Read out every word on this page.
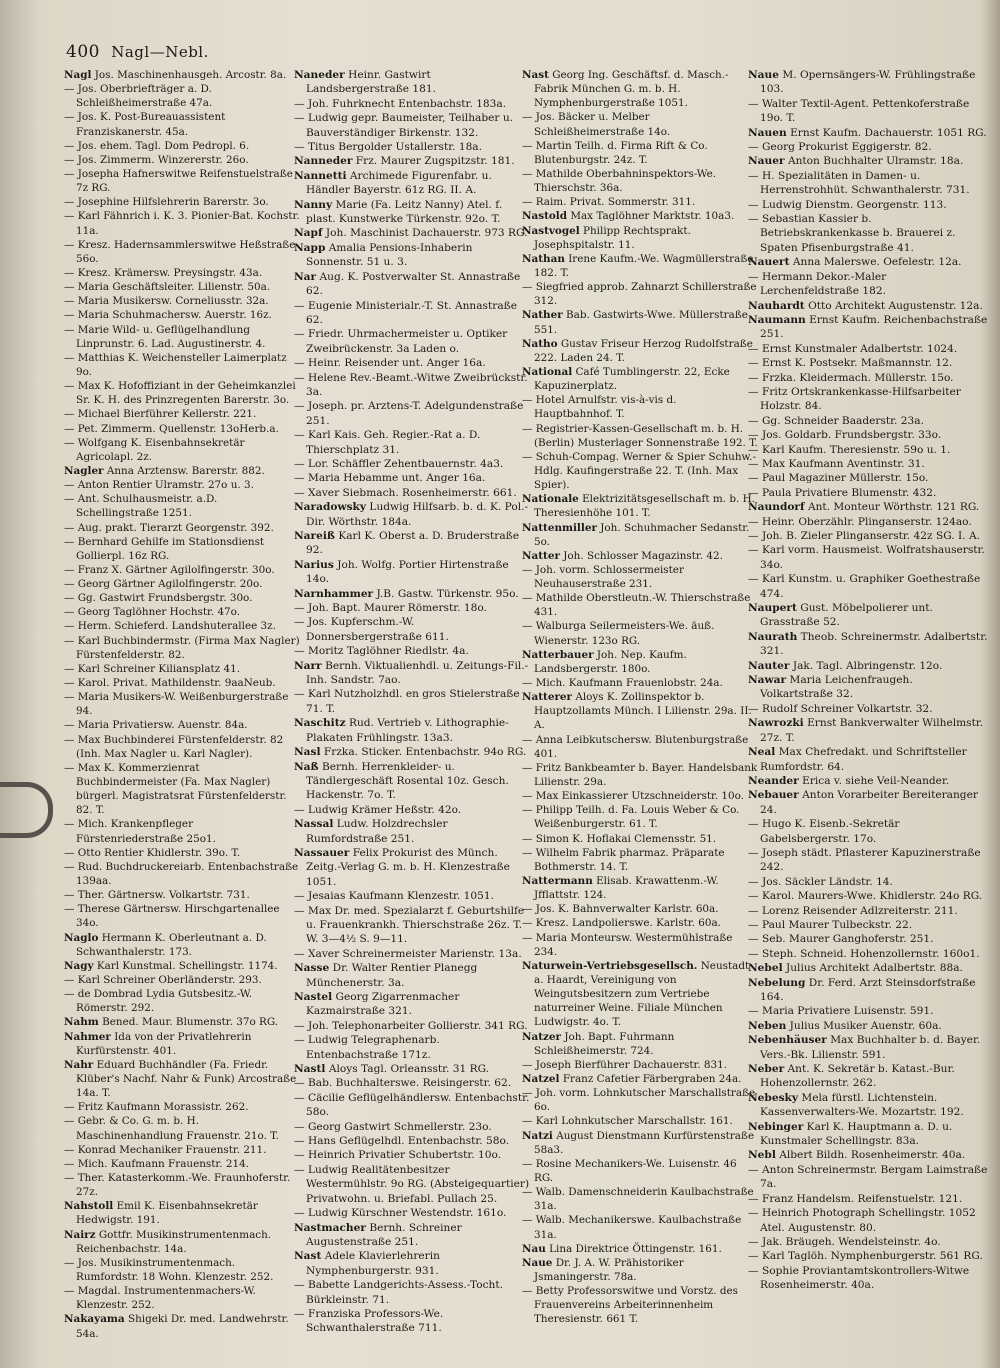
400 Nagl—Nebl.

Nagl Jos. Maschinenhausgeh. Arcostr. 8a.

— Jos. Oberbriefträger a. D. Schleißheimerstraße 47a.

— Jos. K. Post-Bureauassistent Franziskanerstr. 45a.

— Jos. ehem. Tagl. Dom Pedropl. 6.

— Jos. Zimmerm. Winzererstr. 26o.

— Josepha Hafnerswitwe Reifenstuelstraße 7z RG.

— Josephine Hilfslehrerin Barerstr. 3o.

— Karl Fähnrich i. K. 3. Pionier-Bat. Kochstr. 11a.

— Kresz. Hadernsammlerswitwe Heßstraße 56o.

— Kresz. Krämersw. Preysingstr. 43a.

— Maria Geschäftsleiter. Lilienstr. 50a.

— Maria Musikersw. Corneliusstr. 32a.

— Maria Schuhmachersw. Auerstr. 16z.

— Marie Wild- u. Geflügelhandlung Linprunstr. 6. Lad. Augustinerstr. 4.

— Matthias K. Weichensteller Laimerplatz 9o.

— Max K. Hofoffiziant in der Geheimkanzlei Sr. K. H. des Prinzregenten Barerstr. 3o.

— Michael Bierführer Kellerstr. 221.

— Pet. Zimmerm. Quellenstr. 13oHerb.a.

— Wolfgang K. Eisenbahnsekretär Agricolapl. 2z.

Nagler Anna Arztensw. Barerstr. 882.

— Anton Rentier Ulramstr. 27o u. 3.

— Ant. Schulhausmeistr. a.D. Schellingstraße 1251.

— Aug. prakt. Tierarzt Georgenstr. 392.

— Bernhard Gehilfe im Stationsdienst Gollierpl. 16z RG.

— Franz X. Gärtner Agilolfingerstr. 30o.

— Georg Gärtner Agilolfingerstr. 20o.

— Gg. Gastwirt Frundsbergstr. 30o.

— Georg Taglöhner Hochstr. 47o.

— Herm. Schieferd. Landshuterallee 3z.

— Karl Buchbindermstr. (Firma Max Nagler) Fürstenfelderstr. 82.

— Karl Schreiner Kiliansplatz 41.

— Karol. Privat. Mathildenstr. 9aaNeub.

— Maria Musikers-W. Weißenburgerstraße 94.

— Maria Privatiersw. Auenstr. 84a.

— Max Buchbinderei Fürstenfelderstr. 82 (Inh. Max Nagler u. Karl Nagler).

— Max K. Kommerzienrat Buchbindermeister (Fa. Max Nagler) bürgerl. Magistratsrat Fürstenfelderstr. 82. T.

— Mich. Krankenpfleger Fürstenriederstraße 25o1.

— Otto Rentier Khidlerstr. 39o. T.

— Rud. Buchdruckereiarb. Entenbachstraße 139aa.

— Ther. Gärtnersw. Volkartstr. 731.

— Therese Gärtnersw. Hirschgartenallee 34o.

Naglo Hermann K. Oberleutnant a. D. Schwanthalerstr. 173.

Nagy Karl Kunstmal. Schellingstr. 1174.

— Karl Schreiner Oberländerstr. 293.

— de Dombrad Lydia Gutsbesitz.-W. Römerstr. 292.

Nahm Bened. Maur. Blumenstr. 37o RG.

Nahmer Ida von der Privatlehrerin Kurfürstenstr. 401.

Nahr Eduard Buchhändler (Fa. Friedr. Klüber's Nachf. Nahr & Funk) Arcostraße 14a. T.

— Fritz Kaufmann Morassistr. 262.

— Gebr. & Co. G. m. b. H. Maschinenhandlung Frauenstr. 21o. T.

— Konrad Mechaniker Frauenstr. 211.

— Mich. Kaufmann Frauenstr. 214.

— Ther. Katasterkomm.-We. Fraunhoferstr. 27z.

Nahstoll Emil K. Eisenbahnsekretär Hedwigstr. 191.

Nairz Gottfr. Musikinstrumentenmach. Reichenbachstr. 14a.

— Jos. Musikinstrumentenmach. Rumfordstr. 18 Wohn. Klenzestr. 252.

— Magdal. Instrumentenmachers-W. Klenzestr. 252.

Nakayama Shigeki Dr. med. Landwehrstr. 54a.

Naneder Heinr. Gastwirt Landsbergerstraße 181.

— Joh. Fuhrknecht Entenbachstr. 183a.

— Ludwig gepr. Baumeister, Teilhaber u. Bauverständiger Birkenstr. 132.

— Titus Bergolder Ustallerstr. 18a.

Nanneder Frz. Maurer Zugspitzstr. 181.

Nannetti Archimede Figurenfabr. u. Händler Bayerstr. 61z RG. II. A.

Nanny Marie (Fa. Leitz Nanny) Atel. f. plast. Kunstwerke Türkenstr. 92o. T.

Napf Joh. Maschinist Dachauerstr. 973 RG.

Napp Amalia Pensions-Inhaberin Sonnenstr. 51 u. 3.

Nar Aug. K. Postverwalter St. Annastraße 62.

— Eugenie Ministerialr.-T. St. Annastraße 62.

— Friedr. Uhrmachermeister u. Optiker Zweibrückenstr. 3a Laden o.

— Heinr. Reisender unt. Anger 16a.

— Helene Rev.-Beamt.-Witwe Zweibrückstr. 3a.

— Joseph. pr. Arztens-T. Adelgundenstraße 251.

— Karl Kais. Geh. Regier.-Rat a. D. Thierschplatz 31.

— Lor. Schäffler Zehentbauernstr. 4a3.

— Maria Hebamme unt. Anger 16a.

— Xaver Siebmach. Rosenheimerstr. 661.

Naradowsky Ludwig Hilfsarb. b. d. K. Pol.-Dir. Wörthstr. 184a.

Nareiß Karl K. Oberst a. D. Bruderstraße 92.

Narius Joh. Wolfg. Portier Hirtenstraße 14o.

Narnhammer J.B. Gastw. Türkenstr. 95o.

— Joh. Bapt. Maurer Römerstr. 18o.

— Jos. Kupferschm.-W. Donnersbergerstraße 611.

— Moritz Taglöhner Riedlstr. 4a.

Narr Bernh. Viktualienhdl. u. Zeitungs-Fil.-Inh. Sandstr. 7ao.

— Karl Nutzholzhdl. en gros Stielerstraße 71. T.

Naschitz Rud. Vertrieb v. Lithographie-Plakaten Frühlingstr. 13a3.

Nasl Frzka. Sticker. Entenbachstr. 94o RG.

Naß Bernh. Herrenkleider- u. Tändlergeschäft Rosental 10z. Gesch. Hackenstr. 7o. T.

— Ludwig Krämer Heßstr. 42o.

Nassal Ludw. Holzdrechsler Rumfordstraße 251.

Nassauer Felix Prokurist des Münch. Zeitg.-Verlag G. m. b. H. Klenzestraße 1051.

— Jesaias Kaufmann Klenzestr. 1051.

— Max Dr. med. Spezialarzt f. Geburtshilfe u. Frauenkrankh. Thierschstraße 26z. T. W. 3—4½ S. 9—11.

— Xaver Schreinermeister Marienstr. 13a.

Nasse Dr. Walter Rentier Planegg Münchenerstr. 3a.

Nastel Georg Zigarrenmacher Kazmairstraße 321.

— Joh. Telephonarbeiter Gollierstr. 341 RG.

— Ludwig Telegraphenarb. Entenbachstraße 171z.

Nastl Aloys Tagl. Orleansstr. 31 RG.

— Bab. Buchhalterswe. Reisingerstr. 62.

— Cäcilie Geflügelhändlersw. Entenbachstr. 58o.

— Georg Gastwirt Schmellerstr. 23o.

— Hans Geflügelhdl. Entenbachstr. 58o.

— Heinrich Privatier Schubertstr. 10o.

— Ludwig Realitätenbesitzer Westermühlstr. 9o RG. (Absteigequartier) Privatwohn. u. Briefabl. Pullach 25.

— Ludwig Kürschner Westendstr. 161o.

Nastmacher Bernh. Schreiner Augustenstraße 251.

Nast Adele Klavierlehrerin Nymphenburgerstr. 931.

— Babette Landgerichts-Assess.-Tocht. Bürkleinstr. 71.

— Franziska Professors-We. Schwanthalerstraße 711.

Nast Georg Ing. Geschäftsf. d. Masch.-Fabrik München G. m. b. H. Nymphenburgerstraße 1051.

— Jos. Bäcker u. Melber Schleißheimerstraße 14o.

— Martin Teilh. d. Firma Rift & Co. Blutenburgstr. 24z. T.

— Mathilde Oberbahninspektors-We. Thierschstr. 36a.

— Raim. Privat. Sommerstr. 311.

Nastold Max Taglöhner Marktstr. 10a3.

Nastvogel Philipp Rechtsprakt. Josephspitalstr. 11.

Nathan Irene Kaufm.-We. Wagmüllerstraße 182. T.

— Siegfried approb. Zahnarzt Schillerstraße 312.

Nather Bab. Gastwirts-Wwe. Müllerstraße 551.

Natho Gustav Friseur Herzog Rudolfstraße 222. Laden 24. T.

National Café Tumblingerstr. 22, Ecke Kapuzinerplatz.

— Hotel Arnulfstr. vis-à-vis d. Hauptbahnhof. T.

— Registrier-Kassen-Gesellschaft m. b. H. (Berlin) Musterlager Sonnenstraße 192. T.

— Schuh-Compag. Werner & Spier Schuhw.-Hdlg. Kaufingerstraße 22. T. (Inh. Max Spier).

Nationale Elektrizitätsgesellschaft m. b. H. Theresienhöhe 101. T.

Nattenmiller Joh. Schuhmacher Sedanstr. 5o.

Natter Joh. Schlosser Magazinstr. 42.

— Joh. vorm. Schlossermeister Neuhauserstraße 231.

— Mathilde Oberstleutn.-W. Thierschstraße 431.

— Walburga Seilermeisters-We. äuß. Wienerstr. 123o RG.

Natterbauer Joh. Nep. Kaufm. Landsbergerstr. 180o.

— Mich. Kaufmann Frauenlobstr. 24a.

Natterer Aloys K. Zollinspektor b. Hauptzollamts Münch. I Lilienstr. 29a. II. A.

— Anna Leibkutschersw. Blutenburgstraße 401.

— Fritz Bankbeamter b. Bayer. Handelsbank Lilienstr. 29a.

— Max Einkassierer Utzschneiderstr. 10o.

— Philipp Teilh. d. Fa. Louis Weber & Co. Weißenburgerstr. 61. T.

— Simon K. Hoflakai Clemensstr. 51.

— Wilhelm Fabrik pharmaz. Präparate Bothmerstr. 14. T.

Nattermann Elisab. Krawattenm.-W. Jfflattstr. 124.

— Jos. K. Bahnverwalter Karlstr. 60a.

— Kresz. Landpolierswe. Karlstr. 60a.

— Maria Monteursw. Westermühlstraße 234.

Naturwein-Vertriebsgesellsch. Neustadt a. Haardt, Vereinigung von Weingutsbesitzern zum Vertriebe naturreiner Weine. Filiale München Ludwigstr. 4o. T.

Natzer Joh. Bapt. Fuhrmann Schleißheimerstr. 724.

— Joseph Bierführer Dachauerstr. 831.

Natzel Franz Cafetier Färbergraben 24a.

— Joh. vorm. Lohnkutscher Marschallstraße 6o.

— Karl Lohnkutscher Marschallstr. 161.

Natzi August Dienstmann Kurfürstenstraße 58a3.

— Rosine Mechanikers-We. Luisenstr. 46 RG.

— Walb. Damenschneiderin Kaulbachstraße 31a.

— Walb. Mechanikerswe. Kaulbachstraße 31a.

Nau Lina Direktrice Öttingenstr. 161.

Naue Dr. J. A. W. Prähistoriker Jsmaningerstr. 78a.

— Betty Professorswitwe und Vorstz. des Frauenvereins Arbeiterinnenheim Theresienstr. 661 T.

Naue M. Opernsängers-W. Frühlingstraße 103.

— Walter Textil-Agent. Pettenkoferstraße 19o. T.

Nauen Ernst Kaufm. Dachauerstr. 1051 RG.

— Georg Prokurist Eggigerstr. 82.

Nauer Anton Buchhalter Ulramstr. 18a.

— H. Spezialitäten in Damen- u. Herrenstrohhüt. Schwanthalerstr. 731.

— Ludwig Dienstm. Georgenstr. 113.

— Sebastian Kassier b. Betriebskrankenkasse b. Brauerei z. Spaten Pfisenburgstraße 41.

Nauert Anna Malerswe. Oefelestr. 12a.

— Hermann Dekor.-Maler Lerchenfeldstraße 182.

Nauhardt Otto Architekt Augustenstr. 12a.

Naumann Ernst Kaufm. Reichenbachstraße 251.

— Ernst Kunstmaler Adalbertstr. 1024.

— Ernst K. Postsekr. Maßmannstr. 12.

— Frzka. Kleidermach. Müllerstr. 15o.

— Fritz Ortskrankenkasse-Hilfsarbeiter Holzstr. 84.

— Gg. Schneider Baaderstr. 23a.

— Jos. Goldarb. Frundsbergstr. 33o.

— Karl Kaufm. Theresienstr. 59o u. 1.

— Max Kaufmann Aventinstr. 31.

— Paul Magaziner Müllerstr. 15o.

— Paula Privatiere Blumenstr. 432.

Naundorf Ant. Monteur Wörthstr. 121 RG.

— Heinr. Oberzählr. Plinganserstr. 124ao.

— Joh. B. Zieler Plinganserstr. 42z SG. I. A.

— Karl vorm. Hausmeist. Wolfratshauserstr. 34o.

— Karl Kunstm. u. Graphiker Goethestraße 474.

Naupert Gust. Möbelpolierer unt. Grasstraße 52.

Naurath Theob. Schreinermstr. Adalbertstr. 321.

Nauter Jak. Tagl. Albringenstr. 12o.

Nawar Maria Leichenfraugeh. Volkartstraße 32.

— Rudolf Schreiner Volkartstr. 32.

Nawrozki Ernst Bankverwalter Wilhelmstr. 27z. T.

Neal Max Chefredakt. und Schriftsteller Rumfordstr. 64.

Neander Erica v. siehe Veil-Neander.

Nebauer Anton Vorarbeiter Bereiteranger 24.

— Hugo K. Eisenb.-Sekretär Gabelsbergerstr. 17o.

— Joseph städt. Pflasterer Kapuzinerstraße 242.

— Jos. Säckler Ländstr. 14.

— Karol. Maurers-Wwe. Khidlerstr. 24o RG.

— Lorenz Reisender Adlzreiterstr. 211.

— Paul Maurer Tulbeckstr. 22.

— Seb. Maurer Ganghoferstr. 251.

— Steph. Schneid. Hohenzollernstr. 160o1.

Nebel Julius Architekt Adalbertstr. 88a.

Nebelung Dr. Ferd. Arzt Steinsdorfstraße 164.

— Maria Privatiere Luisenstr. 591.

Neben Julius Musiker Auenstr. 60a.

Nebenhäuser Max Buchhalter b. d. Bayer. Vers.-Bk. Lilienstr. 591.

Neber Ant. K. Sekretär b. Katast.-Bur. Hohenzollernstr. 262.

Nebesky Mela fürstl. Lichtenstein. Kassenverwalters-We. Mozartstr. 192.

Nebinger Karl K. Hauptmann a. D. u. Kunstmaler Schellingstr. 83a.

Nebl Albert Bildh. Rosenheimerstr. 40a.

— Anton Schreinermstr. Bergam Laimstraße 7a.

— Franz Handelsm. Reifenstuelstr. 121.

— Heinrich Photograph Schellingstr. 1052 Atel. Augustenstr. 80.

— Jak. Bräugeh. Wendelsteinstr. 4o.

— Karl Taglöh. Nymphenburgerstr. 561 RG.

— Sophie Proviantamtskontrollers-Witwe Rosenheimerstr. 40a.
